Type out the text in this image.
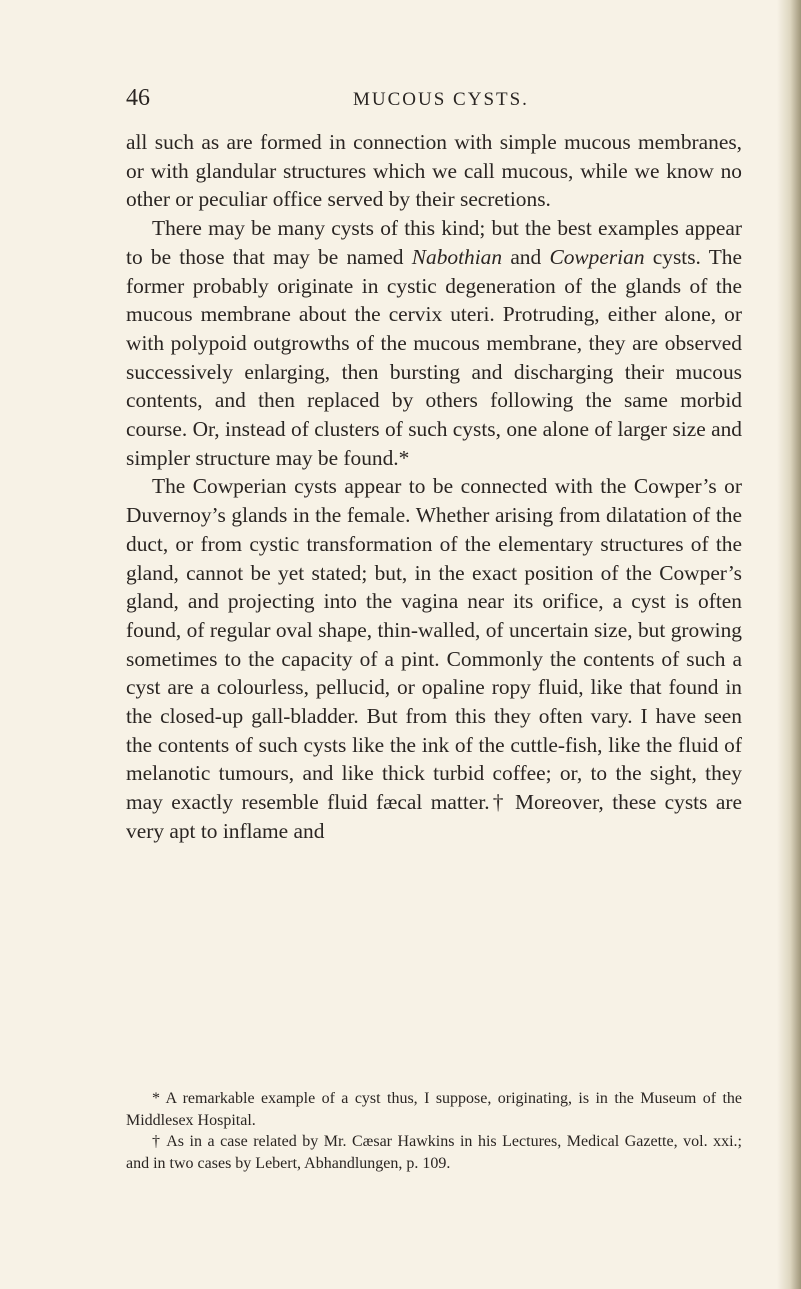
46	MUCOUS CYSTS.

all such as are formed in connection with simple mucous membranes, or with glandular structures which we call mucous, while we know no other or peculiar office served by their secretions.

There may be many cysts of this kind; but the best examples appear to be those that may be named Nabothian and Cowperian cysts. The former probably originate in cystic degeneration of the glands of the mucous membrane about the cervix uteri. Protruding, either alone, or with polypoid outgrowths of the mucous membrane, they are observed successively enlarging, then bursting and discharging their mucous contents, and then replaced by others following the same morbid course. Or, instead of clusters of such cysts, one alone of larger size and simpler structure may be found.*

The Cowperian cysts appear to be connected with the Cowper’s or Duvernoy’s glands in the female. Whether arising from dilatation of the duct, or from cystic transformation of the elementary structures of the gland, cannot be yet stated; but, in the exact position of the Cowper’s gland, and projecting into the vagina near its orifice, a cyst is often found, of regular oval shape, thin-walled, of uncertain size, but growing sometimes to the capacity of a pint. Commonly the contents of such a cyst are a colourless, pellucid, or opaline ropy fluid, like that found in the closed-up gall-bladder. But from this they often vary. I have seen the contents of such cysts like the ink of the cuttle-fish, like the fluid of melanotic tumours, and like thick turbid coffee; or, to the sight, they may exactly resemble fluid fæcal matter.† Moreover, these cysts are very apt to inflame and

* A remarkable example of a cyst thus, I suppose, originating, is in the Museum of the Middlesex Hospital.

† As in a case related by Mr. Cæsar Hawkins in his Lectures, Medical Gazette, vol. xxi.; and in two cases by Lebert, Abhandlungen, p. 109.
